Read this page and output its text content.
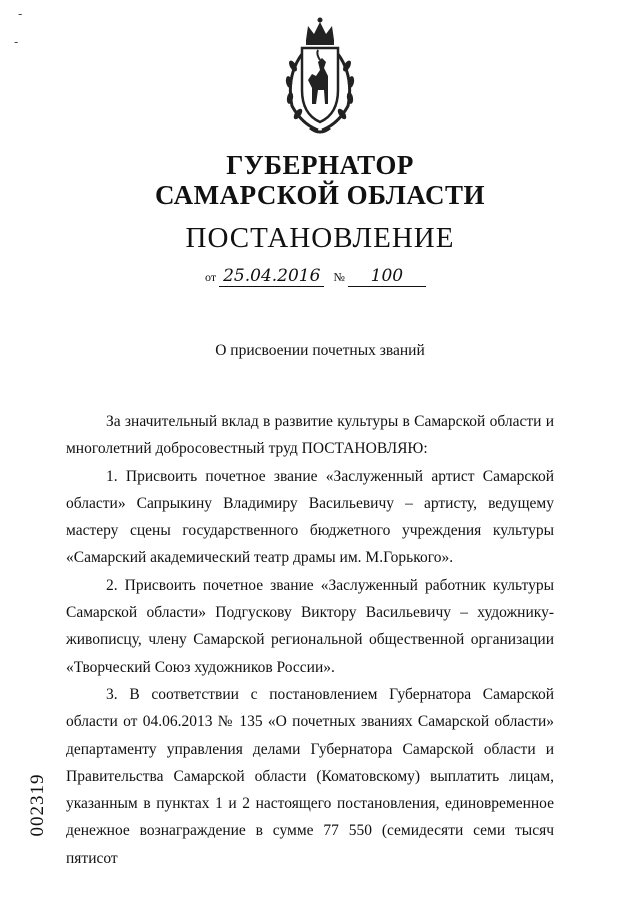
-
-
ГУБЕРНАТОР
САМАРСКОЙ ОБЛАСТИ
ПОСТАНОВЛЕНИЕ
от 25.04.2016 № 100
О присвоении почетных званий

За значительный вклад в развитие культуры в Самарской области и многолетний добросовестный труд ПОСТАНОВЛЯЮ:

1. Присвоить почетное звание «Заслуженный артист Самарской области» Сапрыкину Владимиру Васильевичу – артисту, ведущему мастеру сцены государственного бюджетного учреждения культуры «Самарский академический театр драмы им. М.Горького».

2. Присвоить почетное звание «Заслуженный работник культуры Самарской области» Подгускову Виктору Васильевичу – художнику-живописцу, члену Самарской региональной общественной организации «Творческий Союз художников России».

3. В соответствии с постановлением Губернатора Самарской области от 04.06.2013 № 135 «О почетных званиях Самарской области» департаменту управления делами Губернатора Самарской области и Правительства Самарской области (Коматовскому) выплатить лицам, указанным в пунктах 1 и 2 настоящего постановления, единовременное денежное вознаграждение в сумме 77 550 (семидесяти семи тысяч пятисот

002319
